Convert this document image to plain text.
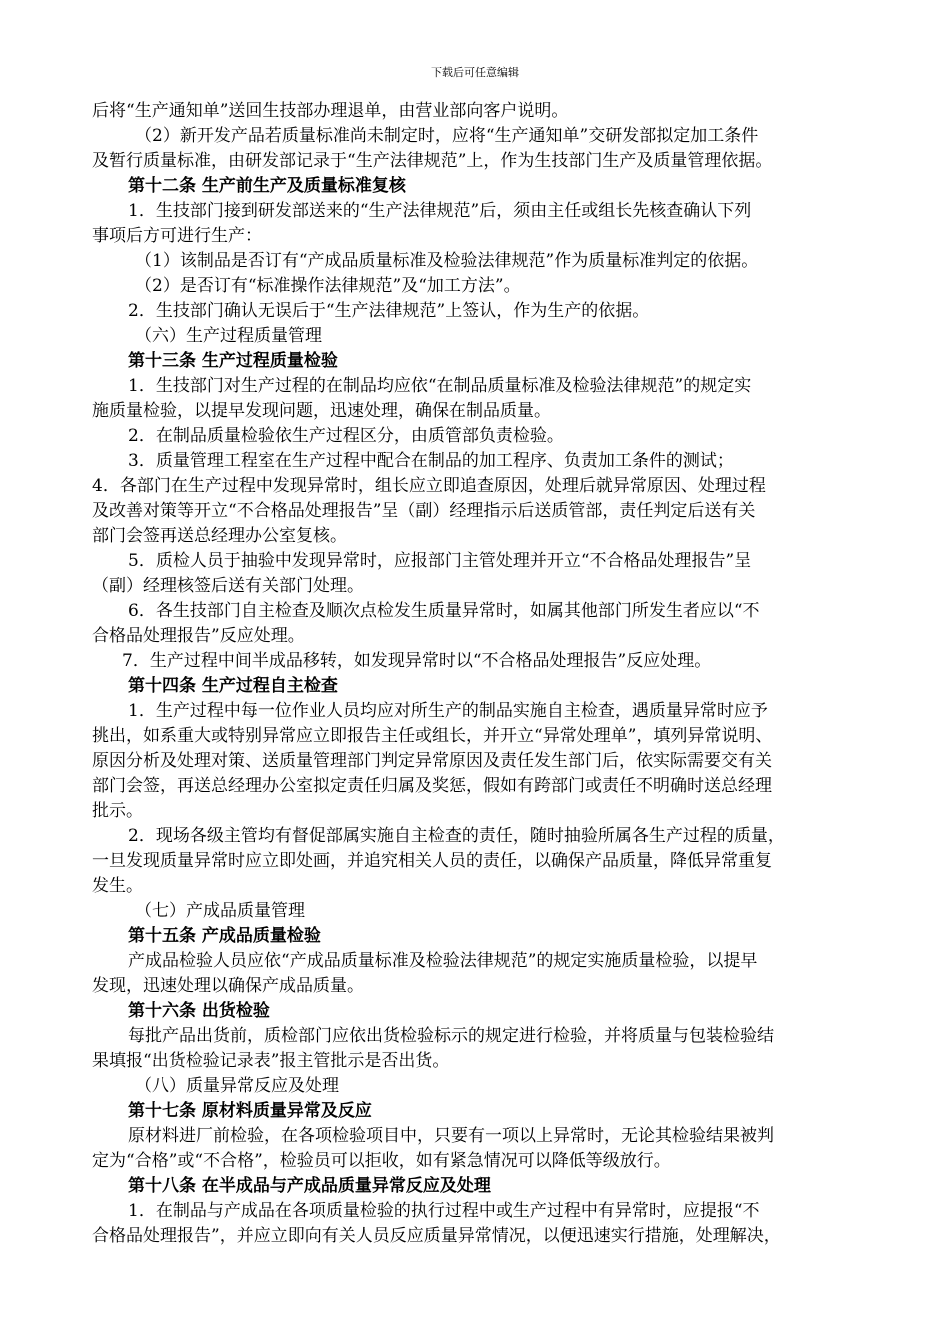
下载后可任意编辑
后将“生产通知单”送回生技部办理退单，由营业部向客户说明。
（2）新开发产品若质量标准尚未制定时，应将“生产通知单”交研发部拟定加工条件
及暂行质量标准，由研发部记录于“生产法律规范”上，作为生技部门生产及质量管理依据。
第十二条 生产前生产及质量标准复核
1．生技部门接到研发部送来的“生产法律规范”后，须由主任或组长先核查确认下列
事项后方可进行生产：
（1）该制品是否订有“产成品质量标准及检验法律规范”作为质量标准判定的依据。
（2）是否订有“标准操作法律规范”及“加工方法”。
2．生技部门确认无误后于“生产法律规范”上签认，作为生产的依据。
（六）生产过程质量管理
第十三条 生产过程质量检验
1．生技部门对生产过程的在制品均应依“在制品质量标准及检验法律规范”的规定实
施质量检验，以提早发现问题，迅速处理，确保在制品质量。
2．在制品质量检验依生产过程区分，由质管部负责检验。
3．质量管理工程室在生产过程中配合在制品的加工程序、负责加工条件的测试；
4．各部门在生产过程中发现异常时，组长应立即追查原因，处理后就异常原因、处理过程
及改善对策等开立“不合格品处理报告”呈（副）经理指示后送质管部，责任判定后送有关
部门会签再送总经理办公室复核。
5．质检人员于抽验中发现异常时，应报部门主管处理并开立“不合格品处理报告”呈
（副）经理核签后送有关部门处理。
6．各生技部门自主检查及顺次点检发生质量异常时，如属其他部门所发生者应以“不
合格品处理报告”反应处理。
7．生产过程中间半成品移转，如发现异常时以“不合格品处理报告”反应处理。
第十四条 生产过程自主检查
1．生产过程中每一位作业人员均应对所生产的制品实施自主检查，遇质量异常时应予
挑出，如系重大或特别异常应立即报告主任或组长，并开立“异常处理单”，填列异常说明、
原因分析及处理对策、送质量管理部门判定异常原因及责任发生部门后，依实际需要交有关
部门会签，再送总经理办公室拟定责任归属及奖惩，假如有跨部门或责任不明确时送总经理
批示。
2．现场各级主管均有督促部属实施自主检查的责任，随时抽验所属各生产过程的质量，
一旦发现质量异常时应立即处画，并追究相关人员的责任，以确保产品质量，降低异常重复
发生。
（七）产成品质量管理
第十五条 产成品质量检验
产成品检验人员应依“产成品质量标准及检验法律规范”的规定实施质量检验，以提早
发现，迅速处理以确保产成品质量。
第十六条 出货检验
每批产品出货前，质检部门应依出货检验标示的规定进行检验，并将质量与包装检验结
果填报“出货检验记录表”报主管批示是否出货。
（八）质量异常反应及处理
第十七条 原材料质量异常及反应
原材料进厂前检验，在各项检验项目中，只要有一项以上异常时，无论其检验结果被判
定为“合格”或“不合格”，检验员可以拒收，如有紧急情况可以降低等级放行。
第十八条 在半成品与产成品质量异常反应及处理
1．在制品与产成品在各项质量检验的执行过程中或生产过程中有异常时，应提报“不
合格品处理报告”，并应立即向有关人员反应质量异常情况，以便迅速实行措施，处理解决，
